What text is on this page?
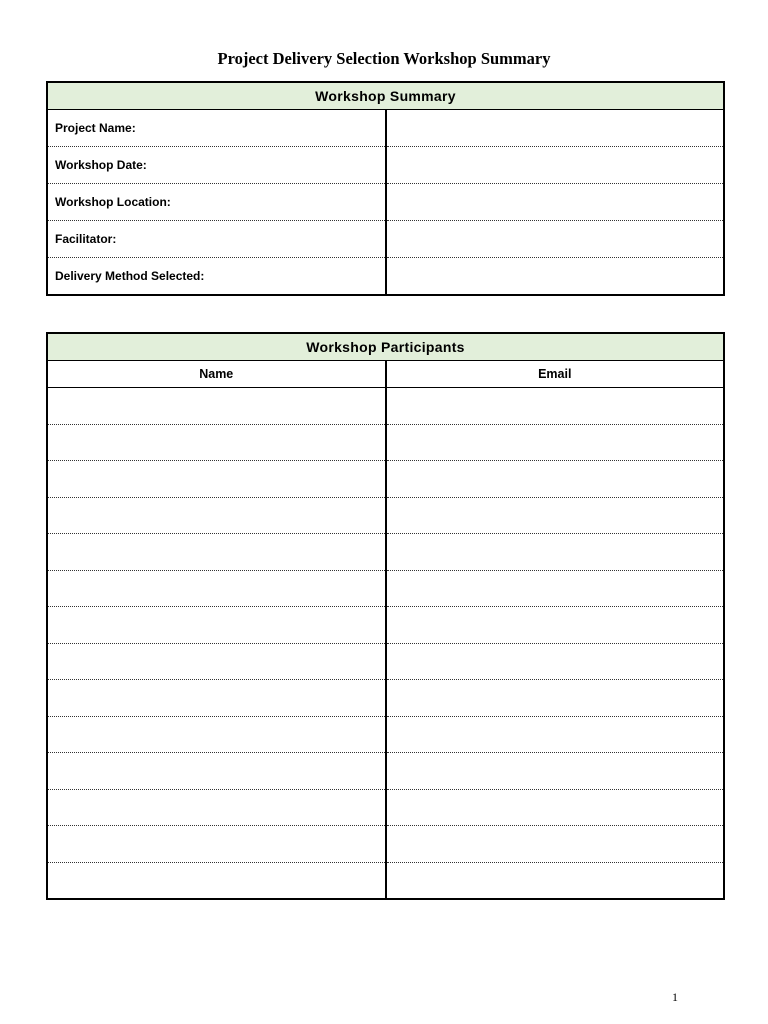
Project Delivery Selection Workshop Summary
Workshop Summary	
Project Name:	
Workshop Date:	
Workshop Location:	
Facilitator:	
Delivery Method Selected:	
Workshop Participants	
Name	Email

1
